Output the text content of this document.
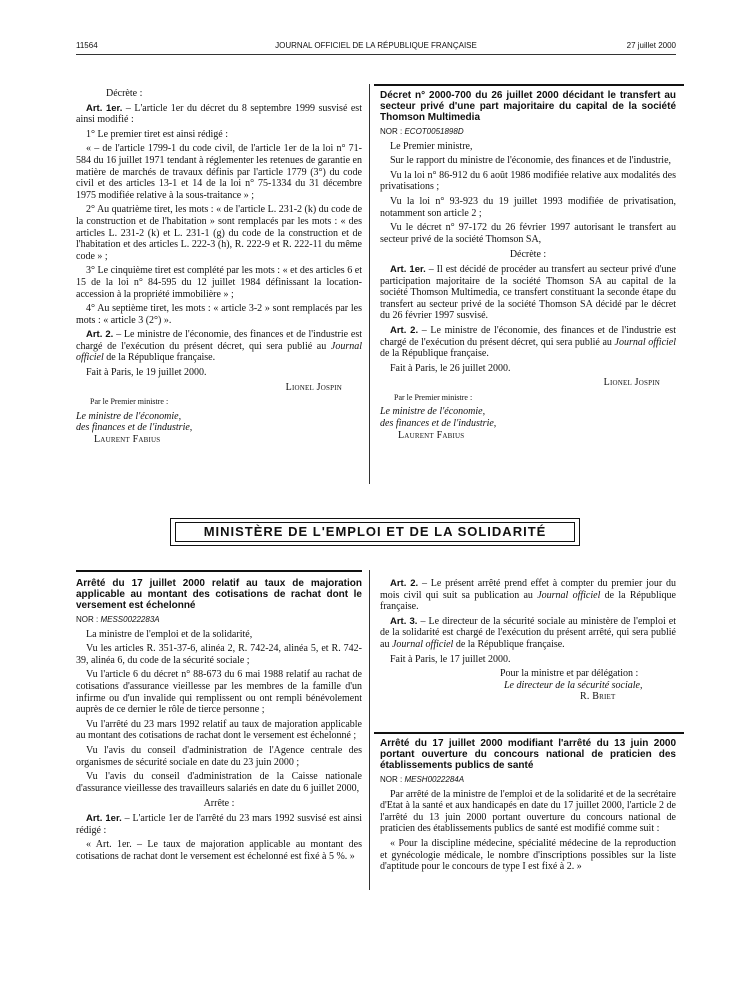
11564	JOURNAL OFFICIEL DE LA RÉPUBLIQUE FRANÇAISE	27 juillet 2000

Décrète :

Art. 1er. – L'article 1er du décret du 8 septembre 1999 susvisé est ainsi modifié :

1° Le premier tiret est ainsi rédigé :

« – de l'article 1799-1 du code civil, de l'article 1er de la loi n° 71-584 du 16 juillet 1971 tendant à réglementer les retenues de garantie en matière de marchés de travaux définis par l'article 1779 (3°) du code civil et des articles 13-1 et 14 de la loi n° 75-1334 du 31 décembre 1975 modifiée relative à la sous-traitance » ;

2° Au quatrième tiret, les mots : « de l'article L. 231-2 (k) du code de la construction et de l'habitation » sont remplacés par les mots : « des articles L. 231-2 (k) et L. 231-1 (g) du code de la construction et de l'habitation et des articles L. 222-3 (h), R. 222-9 et R. 222-11 du même code » ;

3° Le cinquième tiret est complété par les mots : « et des articles 6 et 15 de la loi n° 84-595 du 12 juillet 1984 définissant la location-accession à la propriété immobilière » ;

4° Au septième tiret, les mots : « article 3-2 » sont remplacés par les mots : « article 3 (2°) ».

Art. 2. – Le ministre de l'économie, des finances et de l'industrie est chargé de l'exécution du présent décret, qui sera publié au Journal officiel de la République française.

Fait à Paris, le 19 juillet 2000.

Lionel Jospin

Par le Premier ministre :

Le ministre de l'économie,

des finances et de l'industrie,

Laurent Fabius

Décret n° 2000-700 du 26 juillet 2000 décidant le transfert au secteur privé d'une part majoritaire du capital de la société Thomson Multimedia

NOR : ECOT0051898D

Le Premier ministre,

Sur le rapport du ministre de l'économie, des finances et de l'industrie,

Vu la loi n° 86-912 du 6 août 1986 modifiée relative aux modalités des privatisations ;

Vu la loi n° 93-923 du 19 juillet 1993 modifiée de privatisation, notamment son article 2 ;

Vu le décret n° 97-172 du 26 février 1997 autorisant le transfert au secteur privé de la société Thomson SA,

Décrète :

Art. 1er. – Il est décidé de procéder au transfert au secteur privé d'une participation majoritaire de la société Thomson SA au capital de la société Thomson Multimedia, ce transfert constituant la seconde étape du transfert au secteur privé de la société Thomson SA décidé par le décret du 26 février 1997 susvisé.

Art. 2. – Le ministre de l'économie, des finances et de l'industrie est chargé de l'exécution du présent décret, qui sera publié au Journal officiel de la République française.

Fait à Paris, le 26 juillet 2000.

Lionel Jospin

Par le Premier ministre :

Le ministre de l'économie,

des finances et de l'industrie,

Laurent Fabius

MINISTÈRE DE L'EMPLOI ET DE LA SOLIDARITÉ

Arrêté du 17 juillet 2000 relatif au taux de majoration applicable au montant des cotisations de rachat dont le versement est échelonné

NOR : MESS0022283A

La ministre de l'emploi et de la solidarité,

Vu les articles R. 351-37-6, alinéa 2, R. 742-24, alinéa 5, et R. 742-39, alinéa 6, du code de la sécurité sociale ;

Vu l'article 6 du décret n° 88-673 du 6 mai 1988 relatif au rachat de cotisations d'assurance vieillesse par les membres de la famille d'un infirme ou d'un invalide qui remplissent ou ont rempli bénévolement auprès de ce dernier le rôle de tierce personne ;

Vu l'arrêté du 23 mars 1992 relatif au taux de majoration applicable au montant des cotisations de rachat dont le versement est échelonné ;

Vu l'avis du conseil d'administration de l'Agence centrale des organismes de sécurité sociale en date du 23 juin 2000 ;

Vu l'avis du conseil d'administration de la Caisse nationale d'assurance vieillesse des travailleurs salariés en date du 6 juillet 2000,

Arrête :

Art. 1er. – L'article 1er de l'arrêté du 23 mars 1992 susvisé est ainsi rédigé :

« Art. 1er. – Le taux de majoration applicable au montant des cotisations de rachat dont le versement est échelonné est fixé à 5 %. »

Art. 2. – Le présent arrêté prend effet à compter du premier jour du mois civil qui suit sa publication au Journal officiel de la République française.

Art. 3. – Le directeur de la sécurité sociale au ministère de l'emploi et de la solidarité est chargé de l'exécution du présent arrêté, qui sera publié au Journal officiel de la République française.

Fait à Paris, le 17 juillet 2000.

Pour la ministre et par délégation :

Le directeur de la sécurité sociale,

R. Briet

Arrêté du 17 juillet 2000 modifiant l'arrêté du 13 juin 2000 portant ouverture du concours national de praticien des établissements publics de santé

NOR : MESH0022284A

Par arrêté de la ministre de l'emploi et de la solidarité et de la secrétaire d'Etat à la santé et aux handicapés en date du 17 juillet 2000, l'article 2 de l'arrêté du 13 juin 2000 portant ouverture du concours national de praticien des établissements publics de santé est modifié comme suit :

« Pour la discipline médecine, spécialité médecine de la reproduction et gynécologie médicale, le nombre d'inscriptions possibles sur la liste d'aptitude pour le concours de type I est fixé à 2. »
